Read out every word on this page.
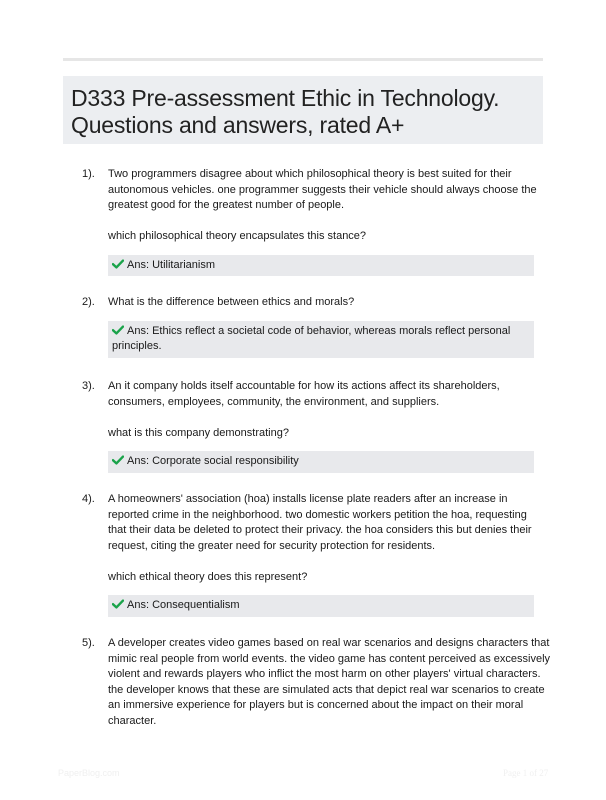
D333 Pre-assessment Ethic in Technology.
Questions and answers, rated A+
1). Two programmers disagree about which philosophical theory is best suited for their
autonomous vehicles. one programmer suggests their vehicle should always choose the
greatest good for the greatest number of people.
which philosophical theory encapsulates this stance?
Ans: Utilitarianism
2). What is the difference between ethics and morals?
Ans: Ethics reflect a societal code of behavior, whereas morals reflect personal
principles.
3). An it company holds itself accountable for how its actions affect its shareholders,
consumers, employees, community, the environment, and suppliers.
what is this company demonstrating?
Ans: Corporate social responsibility
4). A homeowners' association (hoa) installs license plate readers after an increase in
reported crime in the neighborhood. two domestic workers petition the hoa, requesting
that their data be deleted to protect their privacy. the hoa considers this but denies their
request, citing the greater need for security protection for residents.
which ethical theory does this represent?
Ans: Consequentialism
5). A developer creates video games based on real war scenarios and designs characters that
mimic real people from world events. the video game has content perceived as excessively
violent and rewards players who inflict the most harm on other players' virtual characters.
the developer knows that these are simulated acts that depict real war scenarios to create
an immersive experience for players but is concerned about the impact on their moral
character.
PaperBlog.com	Page 1 of 27
